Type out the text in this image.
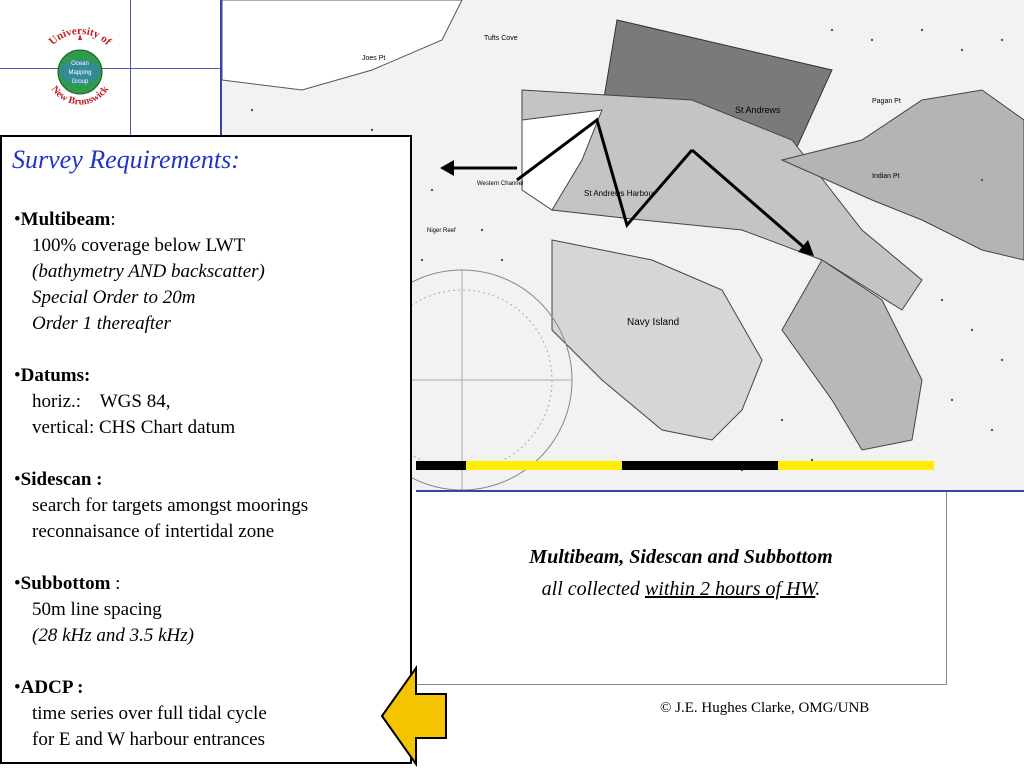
St Andrews
Navy Island
Western Channel
Indian Pt
Pagan Pt
Joes Pt
Tufts Cove
Niger Reef
St Andrews Harbour
University of
New Brunswick
Ocean
Mapping
Group
Multibeam, Sidescan and Subbottom
all collected within 2 hours of HW.
© J.E. Hughes Clarke, OMG/UNB
Survey Requirements:
•Multibeam:
100% coverage below LWT
(bathymetry AND backscatter)
Special Order to 20m
Order 1 thereafter
•Datums:
horiz.:    WGS 84,
vertical: CHS Chart datum
•Sidescan :
search for targets amongst moorings
reconnaisance of intertidal zone
•Subbottom :
50m line spacing
(28 kHz and 3.5 kHz)
•ADCP :
time series over full tidal cycle
for E and W harbour entrances
